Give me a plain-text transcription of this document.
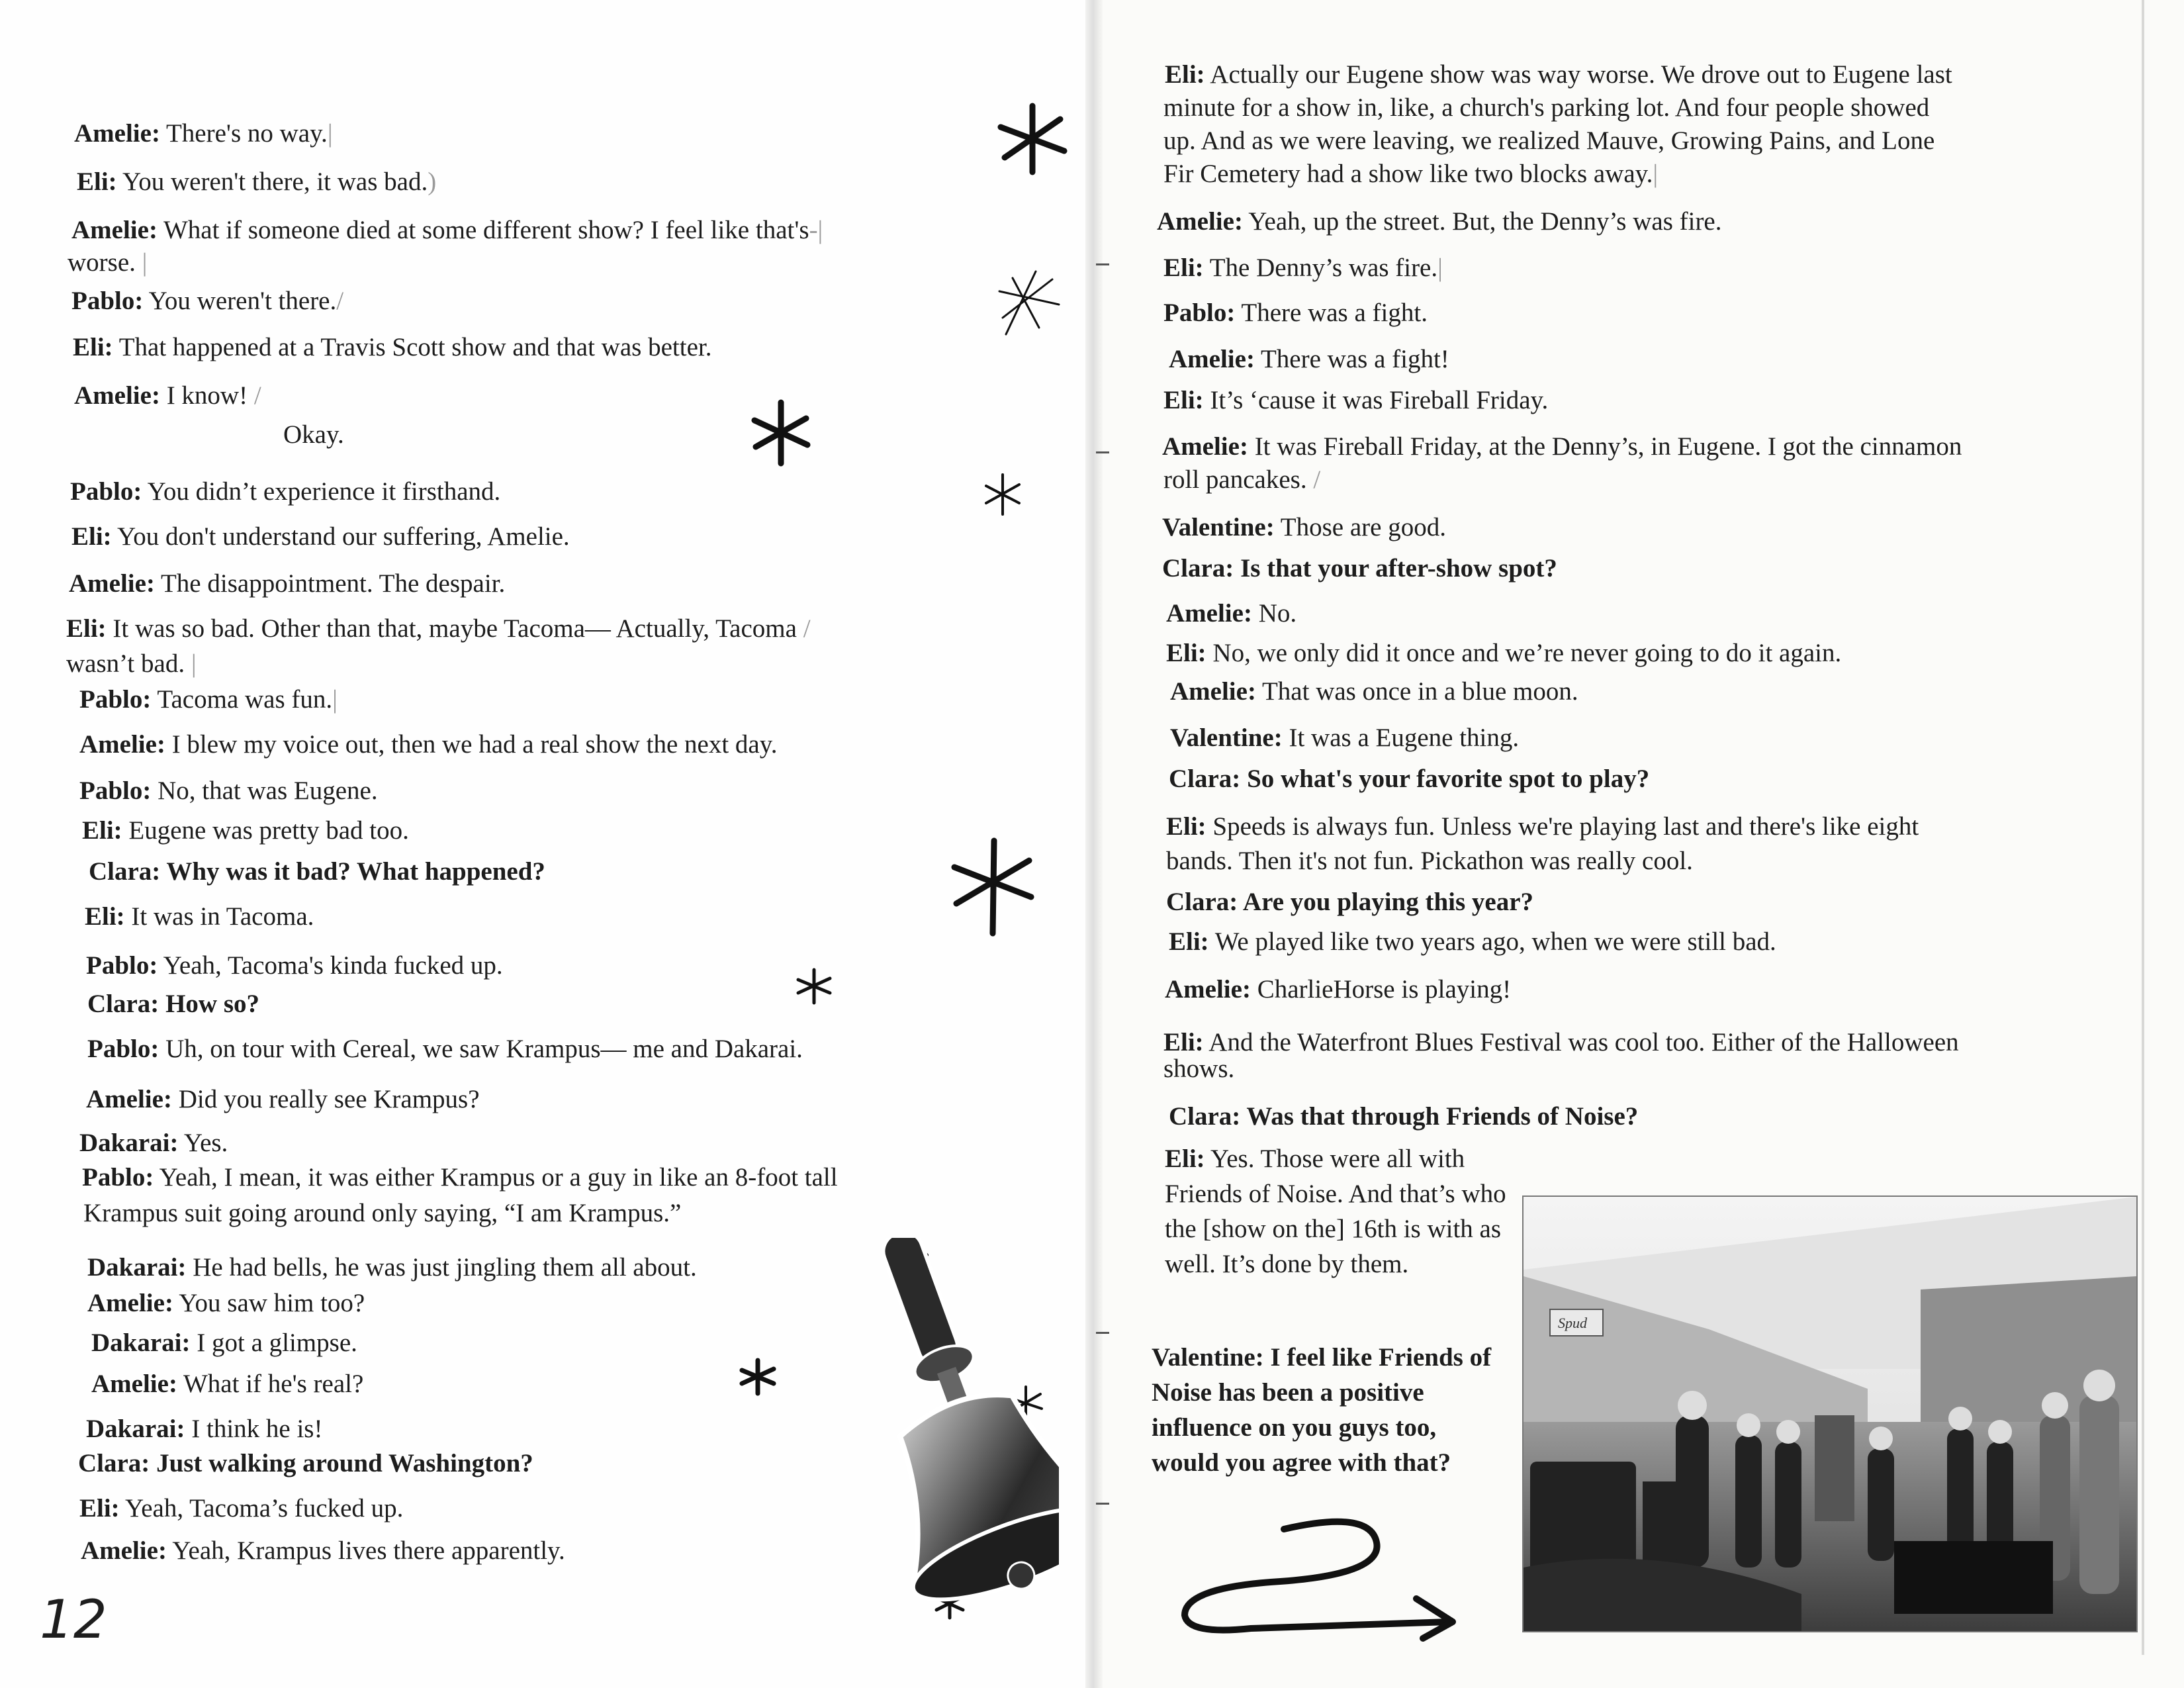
Amelie: There's no way.|
Eli: You weren't there, it was bad.)
Amelie: What if someone died at some different show? I feel like that's-|
worse. |
Pablo: You weren't there./
Eli: That happened at a Travis Scott show and that was better.
Amelie: I know! /
Okay.
Pablo: You didn’t experience it firsthand.
Eli: You don't understand our suffering, Amelie.
Amelie: The disappointment. The despair.
Eli: It was so bad. Other than that, maybe Tacoma— Actually, Tacoma /
wasn’t bad. |
Pablo: Tacoma was fun.|
Amelie: I blew my voice out, then we had a real show the next day.
Pablo: No, that was Eugene.
Eli: Eugene was pretty bad too.
Clara: Why was it bad? What happened?
Eli: It was in Tacoma.
Pablo: Yeah, Tacoma's kinda fucked up.
Clara: How so?
Pablo: Uh, on tour with Cereal, we saw Krampus— me and Dakarai.
Amelie: Did you really see Krampus?
Dakarai: Yes.
Pablo: Yeah, I mean, it was either Krampus or a guy in like an 8-foot tall
Krampus suit going around only saying, “I am Krampus.”
Dakarai: He had bells, he was just jingling them all about.
Amelie: You saw him too?
Dakarai: I got a glimpse.
Amelie: What if he's real?
Dakarai: I think he is!
Clara: Just walking around Washington?
Eli: Yeah, Tacoma’s fucked up.
Amelie: Yeah, Krampus lives there apparently.
12
Eli: Actually our Eugene show was way worse. We drove out to Eugene last
minute for a show in, like, a church's parking lot. And four people showed
up. And as we were leaving, we realized Mauve, Growing Pains, and Lone
Fir Cemetery had a show like two blocks away.|
Amelie: Yeah, up the street. But, the Denny’s was fire.
Eli: The Denny’s was fire.|
Pablo: There was a fight.
Amelie: There was a fight!
Eli: It’s ‘cause it was Fireball Friday.
Amelie: It was Fireball Friday, at the Denny’s, in Eugene. I got the cinnamon
roll pancakes. /
Valentine: Those are good.
Clara: Is that your after-show spot?
Amelie: No.
Eli: No, we only did it once and we’re never going to do it again.
Amelie: That was once in a blue moon.
Valentine: It was a Eugene thing.
Clara: So what's your favorite spot to play?
Eli: Speeds is always fun. Unless we're playing last and there's like eight
bands. Then it's not fun. Pickathon was really cool.
Clara: Are you playing this year?
Eli: We played like two years ago, when we were still bad.
Amelie: CharlieHorse is playing!
Eli: And the Waterfront Blues Festival was cool too. Either of the Halloween
shows.
Clara: Was that through Friends of Noise?
Eli: Yes. Those were all with Friends of Noise. And that’s who the [show on the] 16th is with as well. It’s done by them.
Valentine: I feel like Friends of Noise has been a positive influence on you guys too, would you agree with that?
Spud
